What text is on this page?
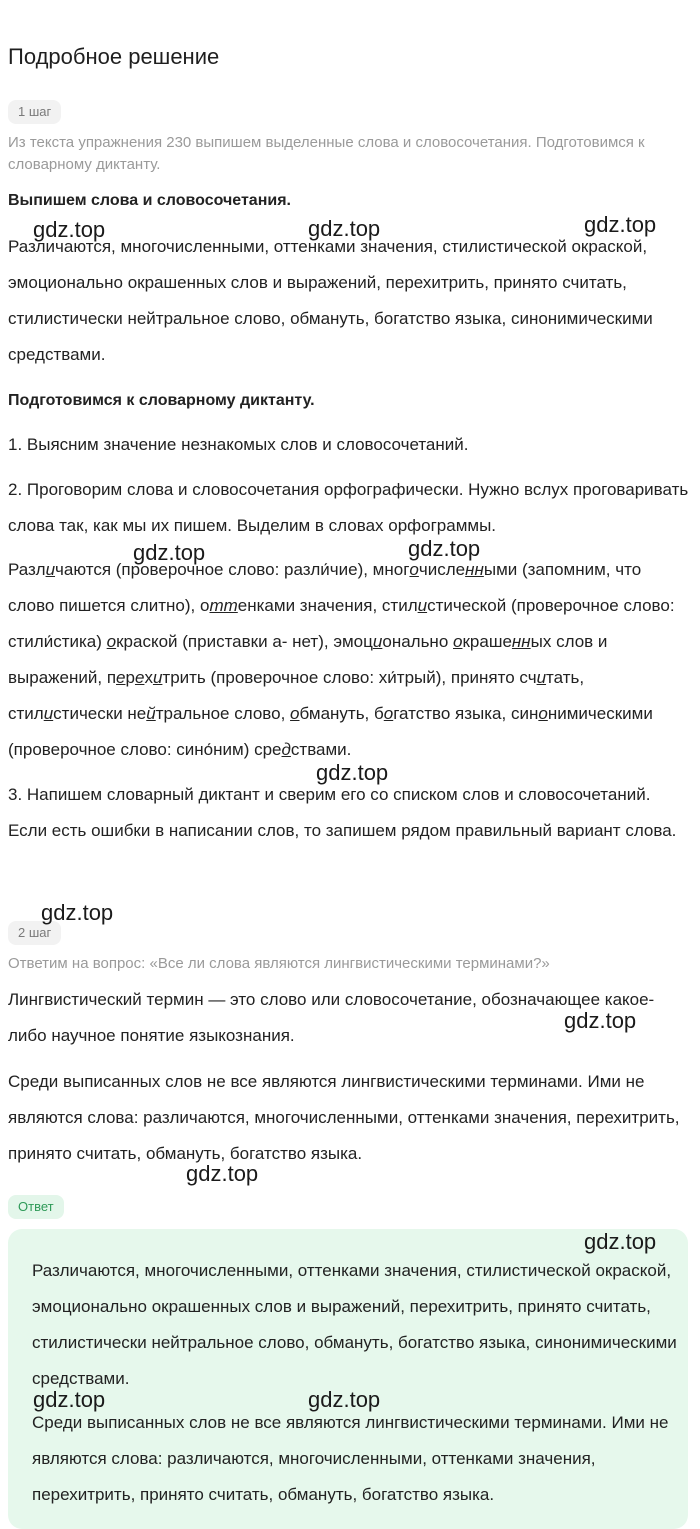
Подробное решение
1 шаг
Из текста упражнения 230 выпишем выделенные слова и словосочетания. Подготовимся к словарному диктанту.
Выпишем слова и словосочетания.

Различаются, многочисленными, оттенками значения, стилистической окраской, эмоционально окрашенных слов и выражений, перехитрить, принято считать, стилистически нейтральное слово, обмануть, богатство языка, синонимическими средствами.

Подготовимся к словарному диктанту.

1. Выясним значение незнакомых слов и словосочетаний.

2. Проговорим слова и словосочетания орфографически. Нужно вслух проговаривать слова так, как мы их пишем. Выделим в словах орфограммы.

Различаются (проверочное слово: разли́чие), многочисленными (запомним, что слово пишется слитно), оттенками значения, стилистической (проверочное слово: стили́стика) окраской (приставки а- нет), эмоционально окрашенных слов и выражений, перехитрить (проверочное слово: хи́трый), принято считать, стилистически нейтральное слово, обмануть, богатство языка, синонимическими (проверочное слово: сино́ним) средствами.

3. Напишем словарный диктант и сверим его со списком слов и словосочетаний. Если есть ошибки в написании слов, то запишем рядом правильный вариант слова.

2 шаг
Ответим на вопрос: «Все ли слова являются лингвистическими терминами?»

Лингвистический термин — это слово или словосочетание, обозначающее какое-либо научное понятие языкознания.

Среди выписанных слов не все являются лингвистическими терминами. Ими не являются слова: различаются, многочисленными, оттенками значения, перехитрить, принято считать, обмануть, богатство языка.

Ответ

Различаются, многочисленными, оттенками значения, стилистической окраской, эмоционально окрашенных слов и выражений, перехитрить, принято считать, стилистически нейтральное слово, обмануть, богатство языка, синонимическими средствами.

Среди выписанных слов не все являются лингвистическими терминами. Ими не являются слова: различаются, многочисленными, оттенками значения, перехитрить, принято считать, обмануть, богатство языка.

gdz.top	gdz.top	gdz.top
gdz.top	gdz.top
gdz.top
gdz.top
gdz.top
gdz.top
gdz.top
gdz.top	gdz.top
